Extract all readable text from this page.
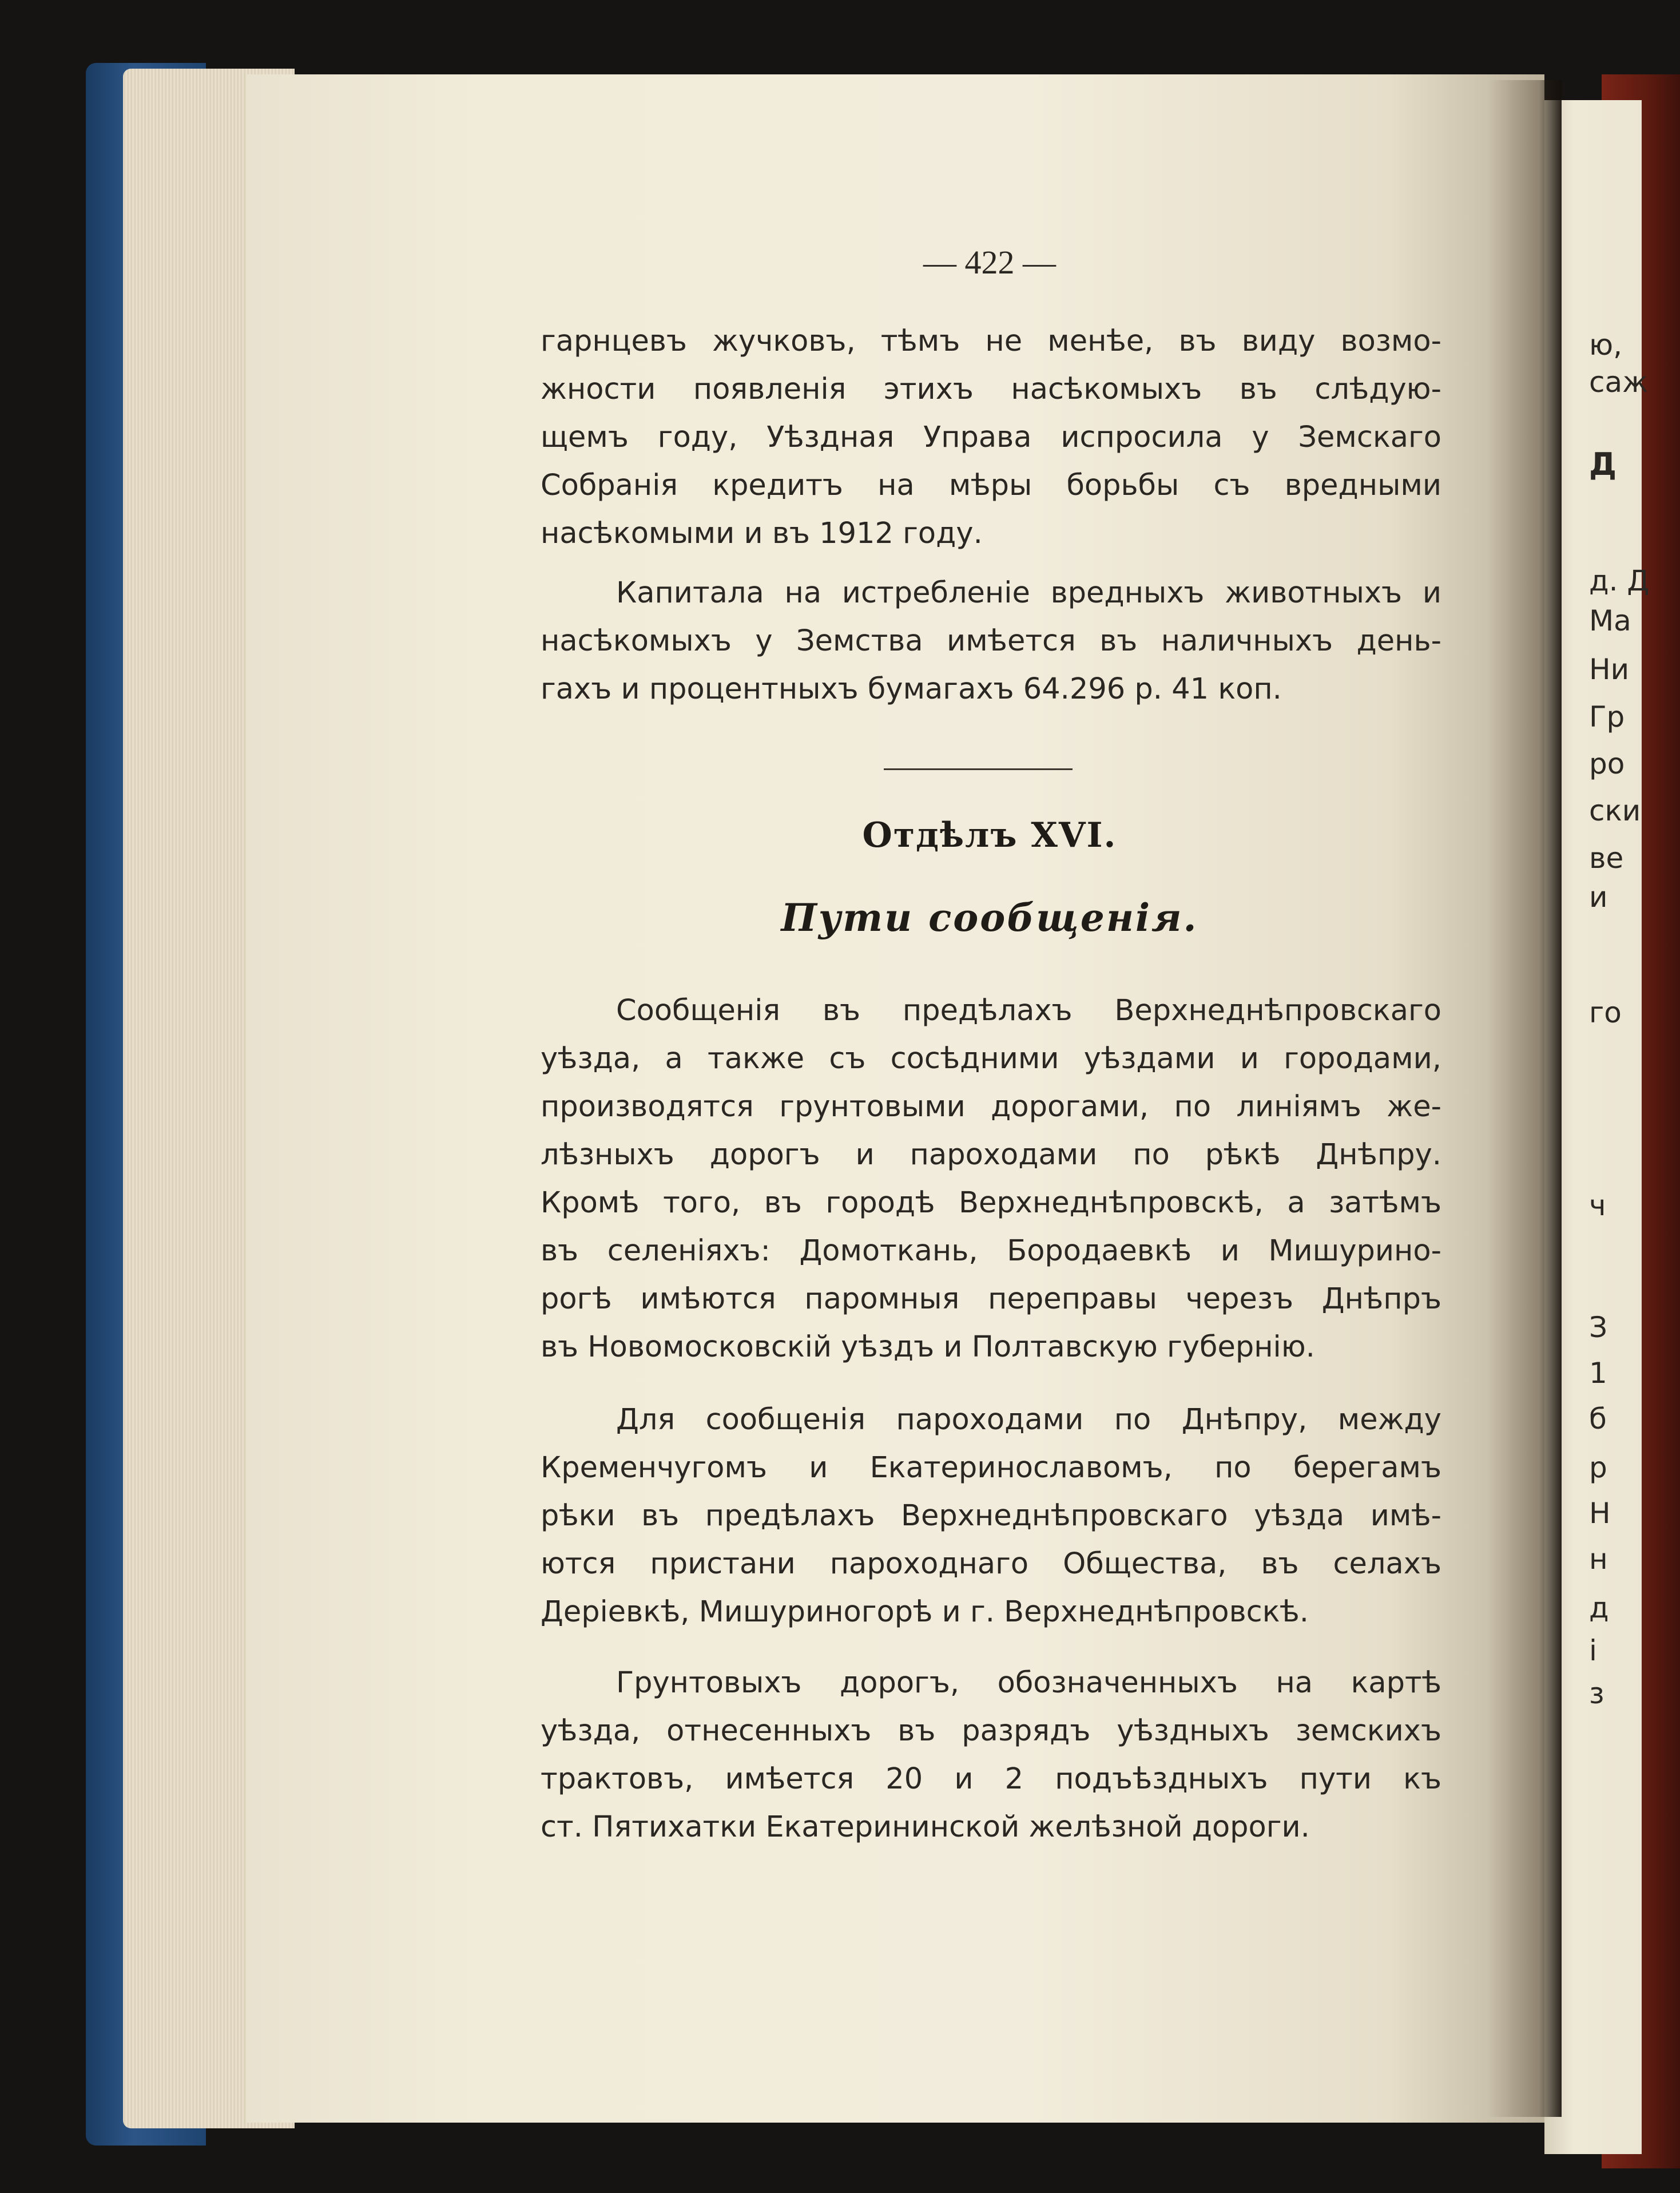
ю,
саж
Д
д. Д
Ма
Ни
Гр
ро
ски
ве
и
го
ч
З
1
б
р
Н
н
д
і
з
— 422 —
гарнцевъ жучковъ, тѣмъ не менѣе, въ виду возмо-
жности появленія этихъ насѣкомыхъ въ слѣдую-
щемъ году, Уѣздная Управа испросила у Земскаго
Собранія кредитъ на мѣры борьбы съ вредными
насѣкомыми и въ 1912 году.
Капитала на истребленіе вредныхъ животныхъ и
насѣкомыхъ у Земства имѣется въ наличныхъ день-
гахъ и процентныхъ бумагахъ 64.296 р. 41 коп.
Отдѣлъ XVI.
Пути сообщенія.
Сообщенія въ предѣлахъ Верхнеднѣпровскаго
уѣзда, а также съ сосѣдними уѣздами и городами,
производятся грунтовыми дорогами, по линіямъ же-
лѣзныхъ дорогъ и пароходами по рѣкѣ Днѣпру.
Кромѣ того, въ городѣ Верхнеднѣпровскѣ, а затѣмъ
въ селеніяхъ: Домоткань, Бородаевкѣ и Мишурино-
рогѣ имѣются паромныя переправы черезъ Днѣпръ
въ Новомосковскій уѣздъ и Полтавскую губернію.
Для сообщенія пароходами по Днѣпру, между
Кременчугомъ и Екатеринославомъ, по берегамъ
рѣки въ предѣлахъ Верхнеднѣпровскаго уѣзда имѣ-
ются пристани пароходнаго Общества, въ селахъ
Деріевкѣ, Мишуриногорѣ и г. Верхнеднѣпровскѣ.
Грунтовыхъ дорогъ, обозначенныхъ на картѣ
уѣзда, отнесенныхъ въ разрядъ уѣздныхъ земскихъ
трактовъ, имѣется 20 и 2 подъѣздныхъ пути къ
ст. Пятихатки Екатерининской желѣзной дороги.
